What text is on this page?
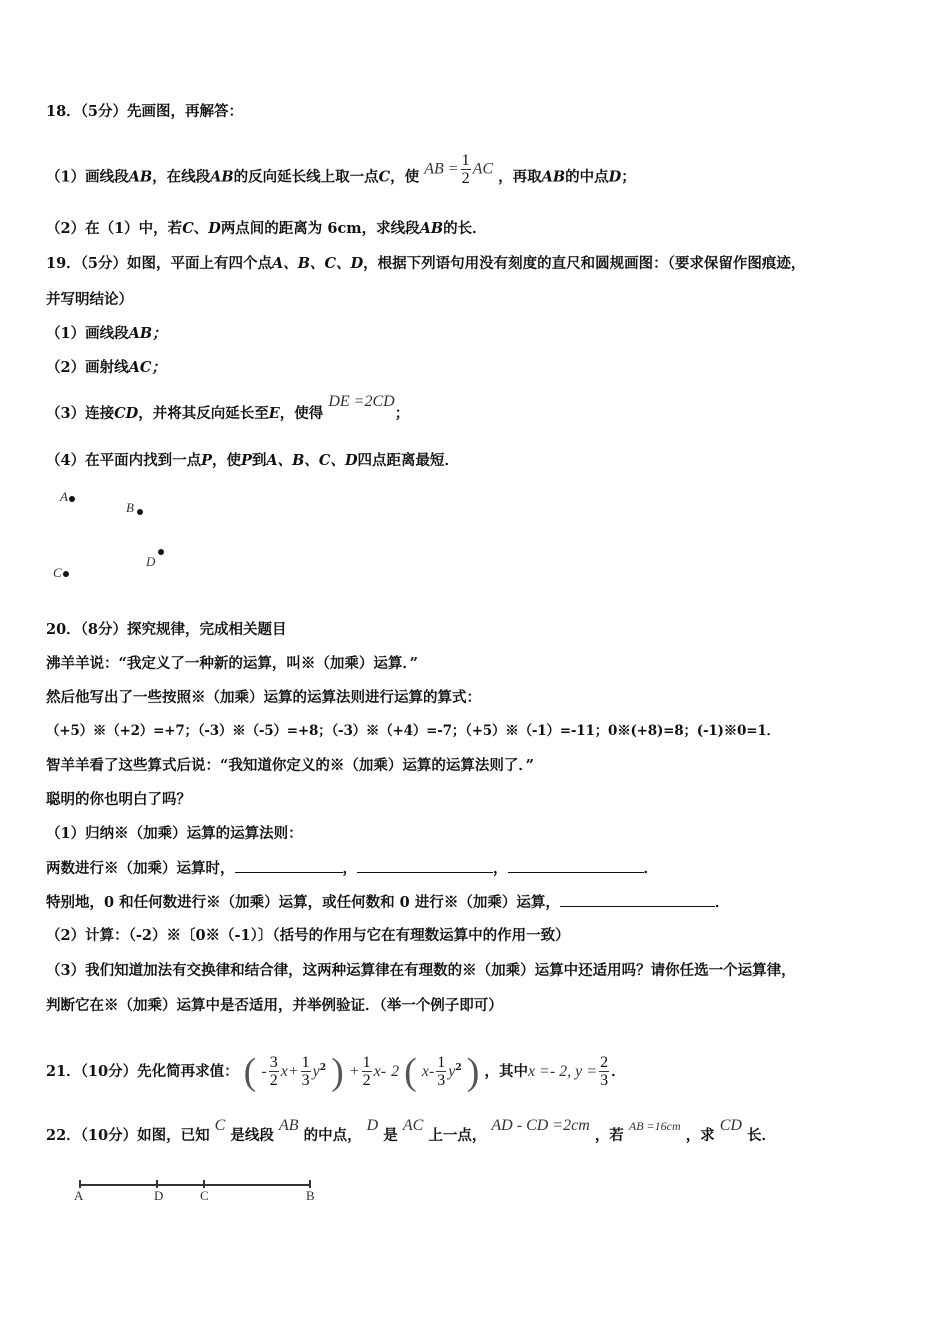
18．（5分）先画图，再解答：
（1）画线段AB，在线段AB的反向延长线上取一点C，使 AB = $\frac{1}{2}$ AC ，再取AB的中点D；
（2）在（1）中，若C、D两点间的距离为 6cm，求线段AB的长．
19．（5分）如图，平面上有四个点A、B、C、D，根据下列语句用没有刻度的直尺和圆规画图：（要求保留作图痕迹，
并写明结论）
（1）画线段AB；
（2）画射线AC；
（3）连接CD，并将其反向延长至E，使得 DE =2CD；
（4）在平面内找到一点P，使P到A、B、C、D四点距离最短．
A
B
C
D
20．（8分）探究规律，完成相关题目
沸羊羊说：“我定义了一种新的运算，叫※（加乘）运算．”
然后他写出了一些按照※（加乘）运算的运算法则进行运算的算式：
（+5）※（+2）=+7；（-3）※（-5）=+8；（-3）※（+4）=-7；（+5）※（-1）=-11；0※(+8)=8；(-1)※0=1．
智羊羊看了这些算式后说：“我知道你定义的※（加乘）运算的运算法则了．”
聪明的你也明白了吗？
（1）归纳※（加乘）运算的运算法则：
两数进行※（加乘）运算时，	，	，	．
特别地，0 和任何数进行※（加乘）运算，或任何数和 0 进行※（加乘）运算，	．
（2）计算：（-2）※〔0※（-1）〕（括号的作用与它在有理数运算中的作用一致）
（3）我们知道加法有交换律和结合律，这两种运算律在有理数的※（加乘）运算中还适用吗？请你任选一个运算律，
判断它在※（加乘）运算中是否适用，并举例验证．（举一个例子即可）
21．（10分）先化简再求值： ( - $\frac{3}{2} x+ \frac{1}{3} y^2$ ) + $\frac{1}{2} x-$ 2 ( $x- \frac{1}{3} y^2$ ) ，其中x =- 2, $y = \frac{2}{3}$ ．
22．（10分）如图，已知 C 是线段 AB 的中点， D 是 AC 上一点， AD - CD =2cm ，若 $^{AB =16cm}$ ，求 CD 长．
A	D	C	B
